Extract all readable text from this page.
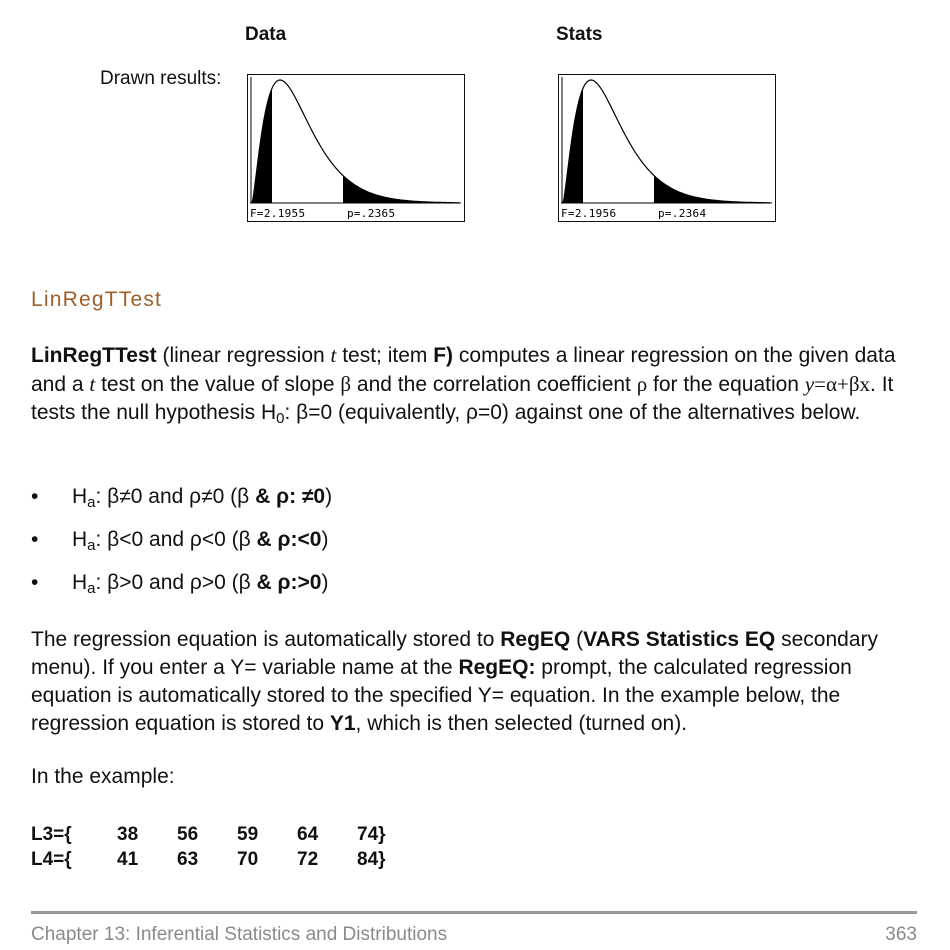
Data	Stats
Drawn results:
F=2.1955	p=.2365	F=2.1956	p=.2364
LinRegTTest
LinRegTTest (linear regression t test; item F) computes a linear regression on the given data and a t test on the value of slope β and the correlation coefficient ρ for the equation y=α+βx. It tests the null hypothesis $H_0$: β=0 (equivalently, ρ=0) against one of the alternatives below.
• $H_a$: β≠0 and ρ≠0 (β & ρ: ≠0)
• $H_a$: β<0 and ρ<0 (β & ρ:<0)
• $H_a$: β>0 and ρ>0 (β & ρ:>0)
The regression equation is automatically stored to RegEQ (VARS Statistics EQ secondary menu). If you enter a Y= variable name at the RegEQ: prompt, the calculated regression equation is automatically stored to the specified Y= equation. In the example below, the regression equation is stored to Y1, which is then selected (turned on).
In the example:
L3={ 38 56 59 64 74}
L4={ 41 63 70 72 84}
Chapter 13: Inferential Statistics and Distributions	363
